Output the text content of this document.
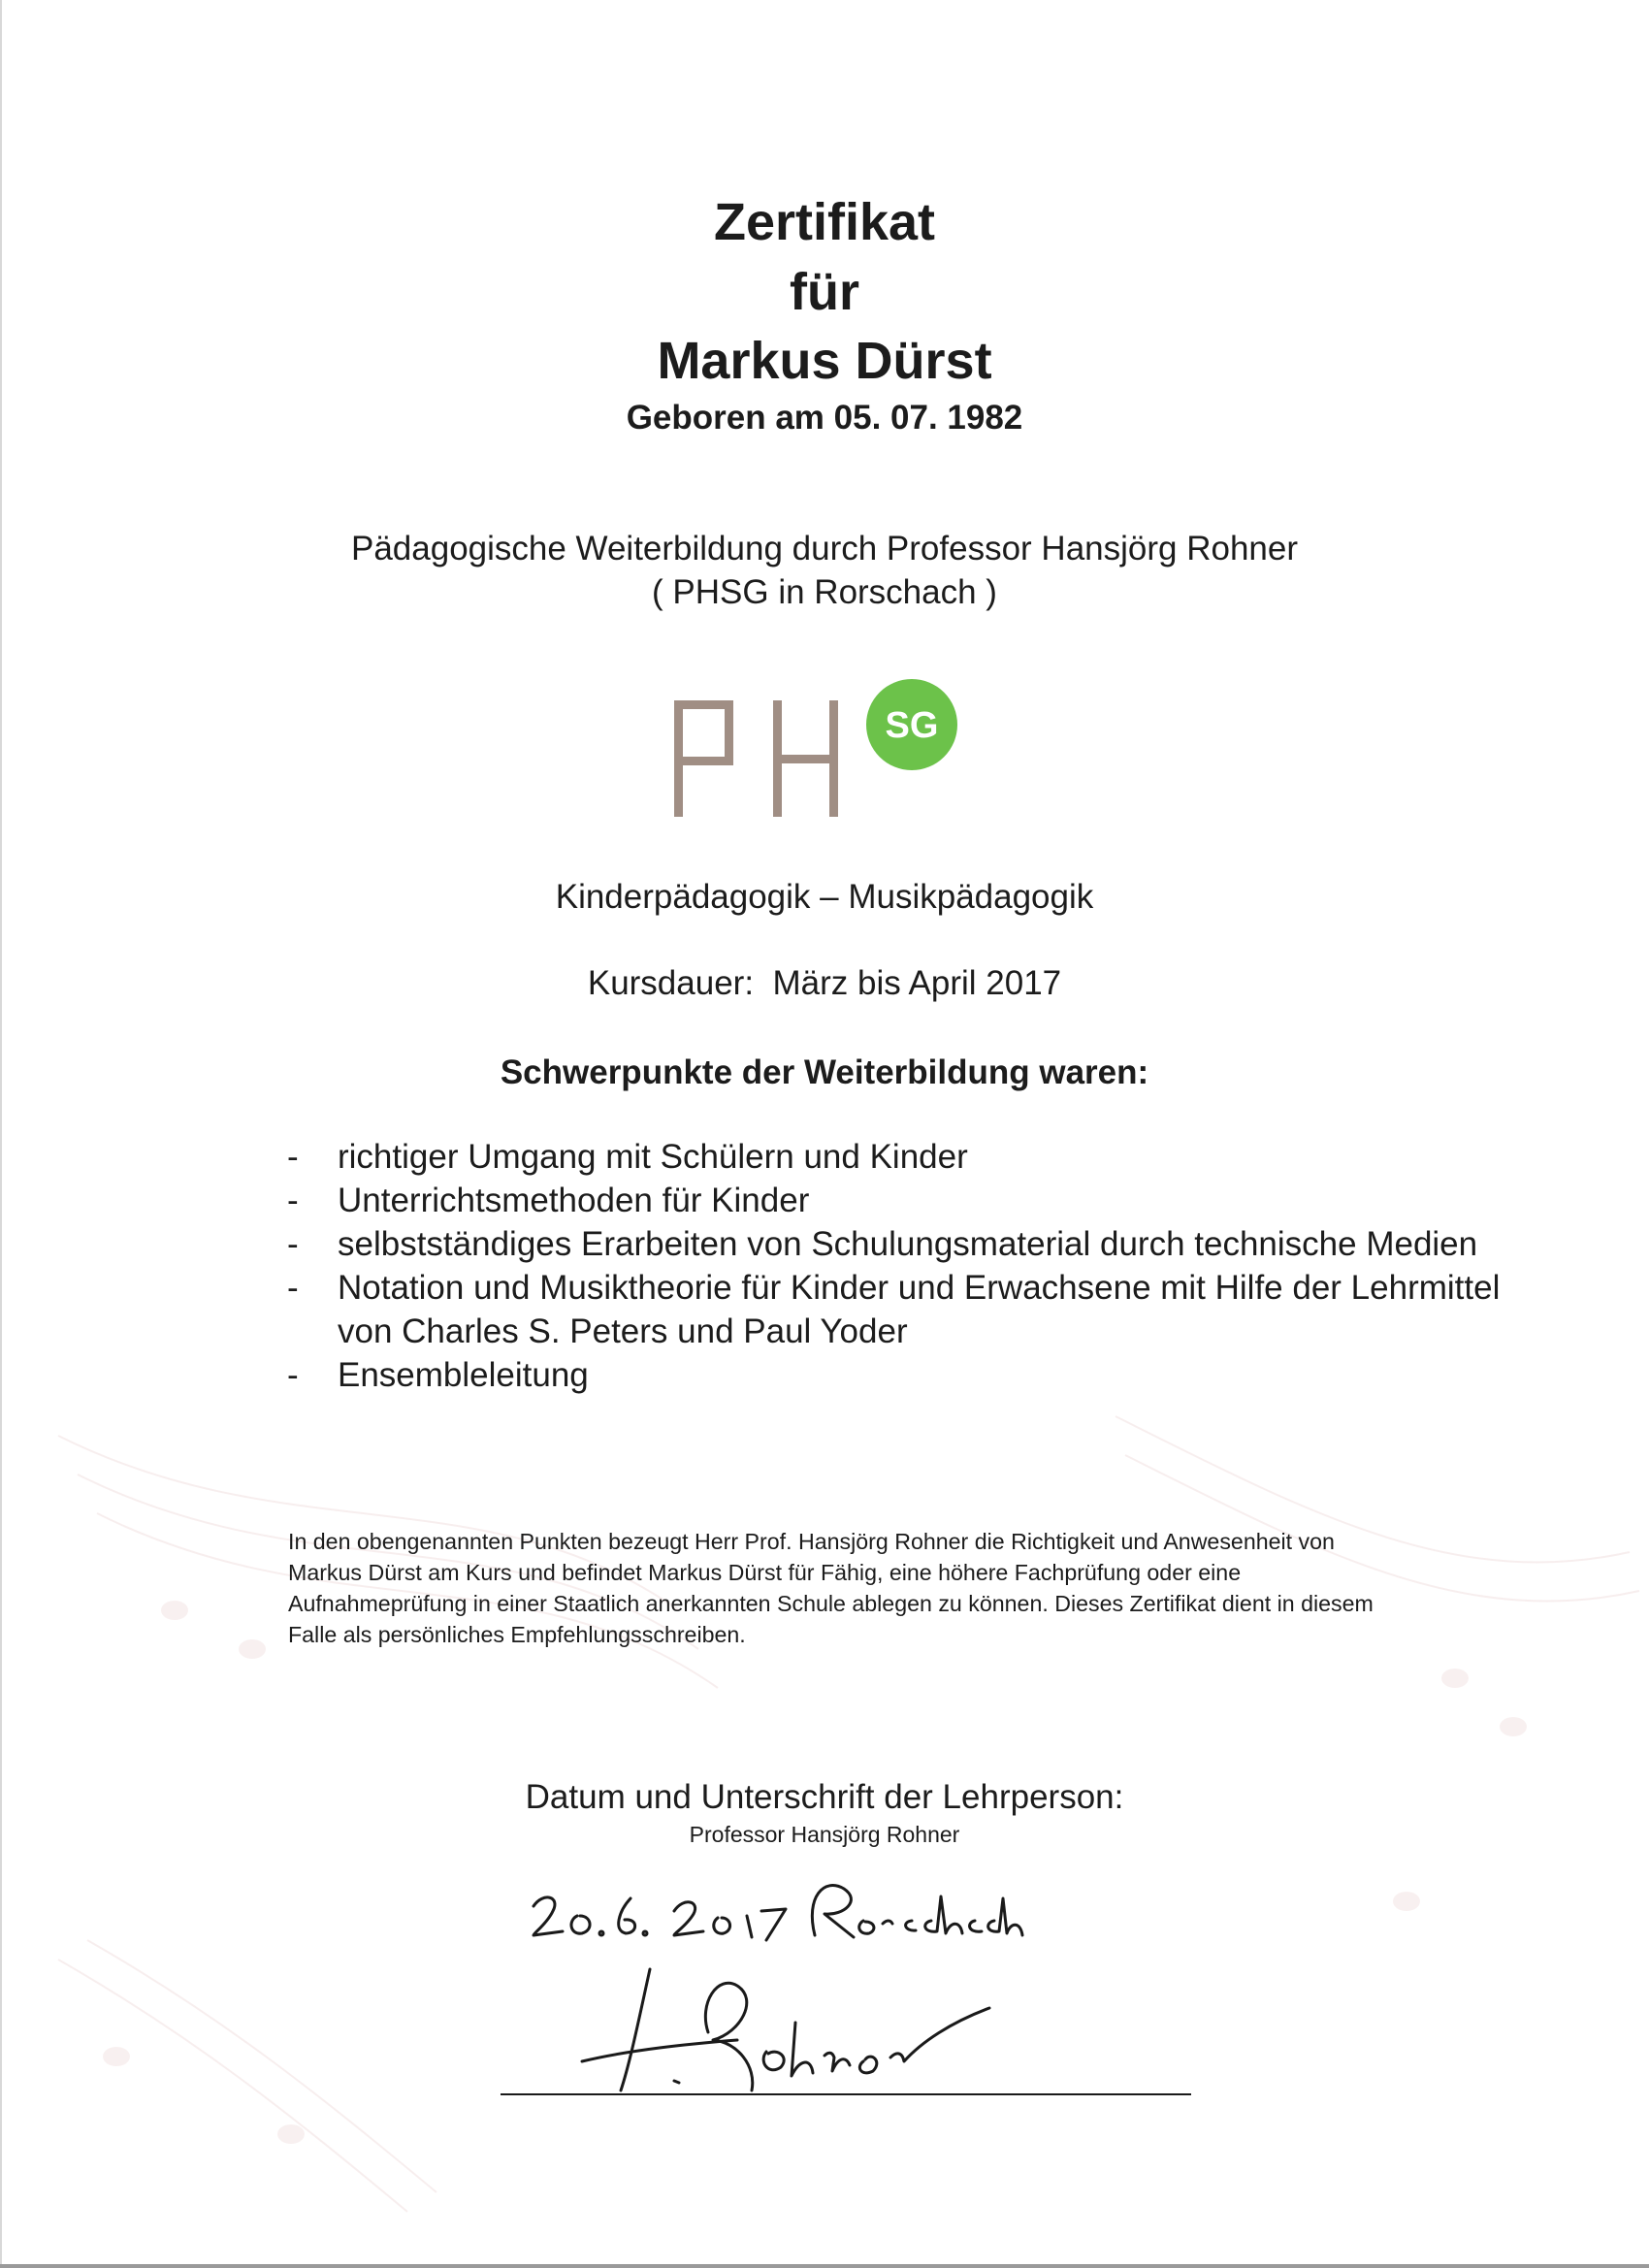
Zertifikat
für
Markus Dürst
Geboren am 05. 07. 1982
Pädagogische Weiterbildung durch Professor Hansjörg Rohner
( PHSG in Rorschach )
SG
Kinderpädagogik – Musikpädagogik
Kursdauer: März bis April 2017
Schwerpunkte der Weiterbildung waren:
- richtiger Umgang mit Schülern und Kinder
- Unterrichtsmethoden für Kinder
- selbstständiges Erarbeiten von Schulungsmaterial durch technische Medien
- Notation und Musiktheorie für Kinder und Erwachsene mit Hilfe der Lehrmittel von Charles S. Peters und Paul Yoder
- Ensembleleitung
In den obengenannten Punkten bezeugt Herr Prof. Hansjörg Rohner die Richtigkeit und Anwesenheit von Markus Dürst am Kurs und befindet Markus Dürst für Fähig, eine höhere Fachprüfung oder eine Aufnahmeprüfung in einer Staatlich anerkannten Schule ablegen zu können. Dieses Zertifikat dient in diesem Falle als persönliches Empfehlungsschreiben.
Datum und Unterschrift der Lehrperson:
Professor Hansjörg Rohner
